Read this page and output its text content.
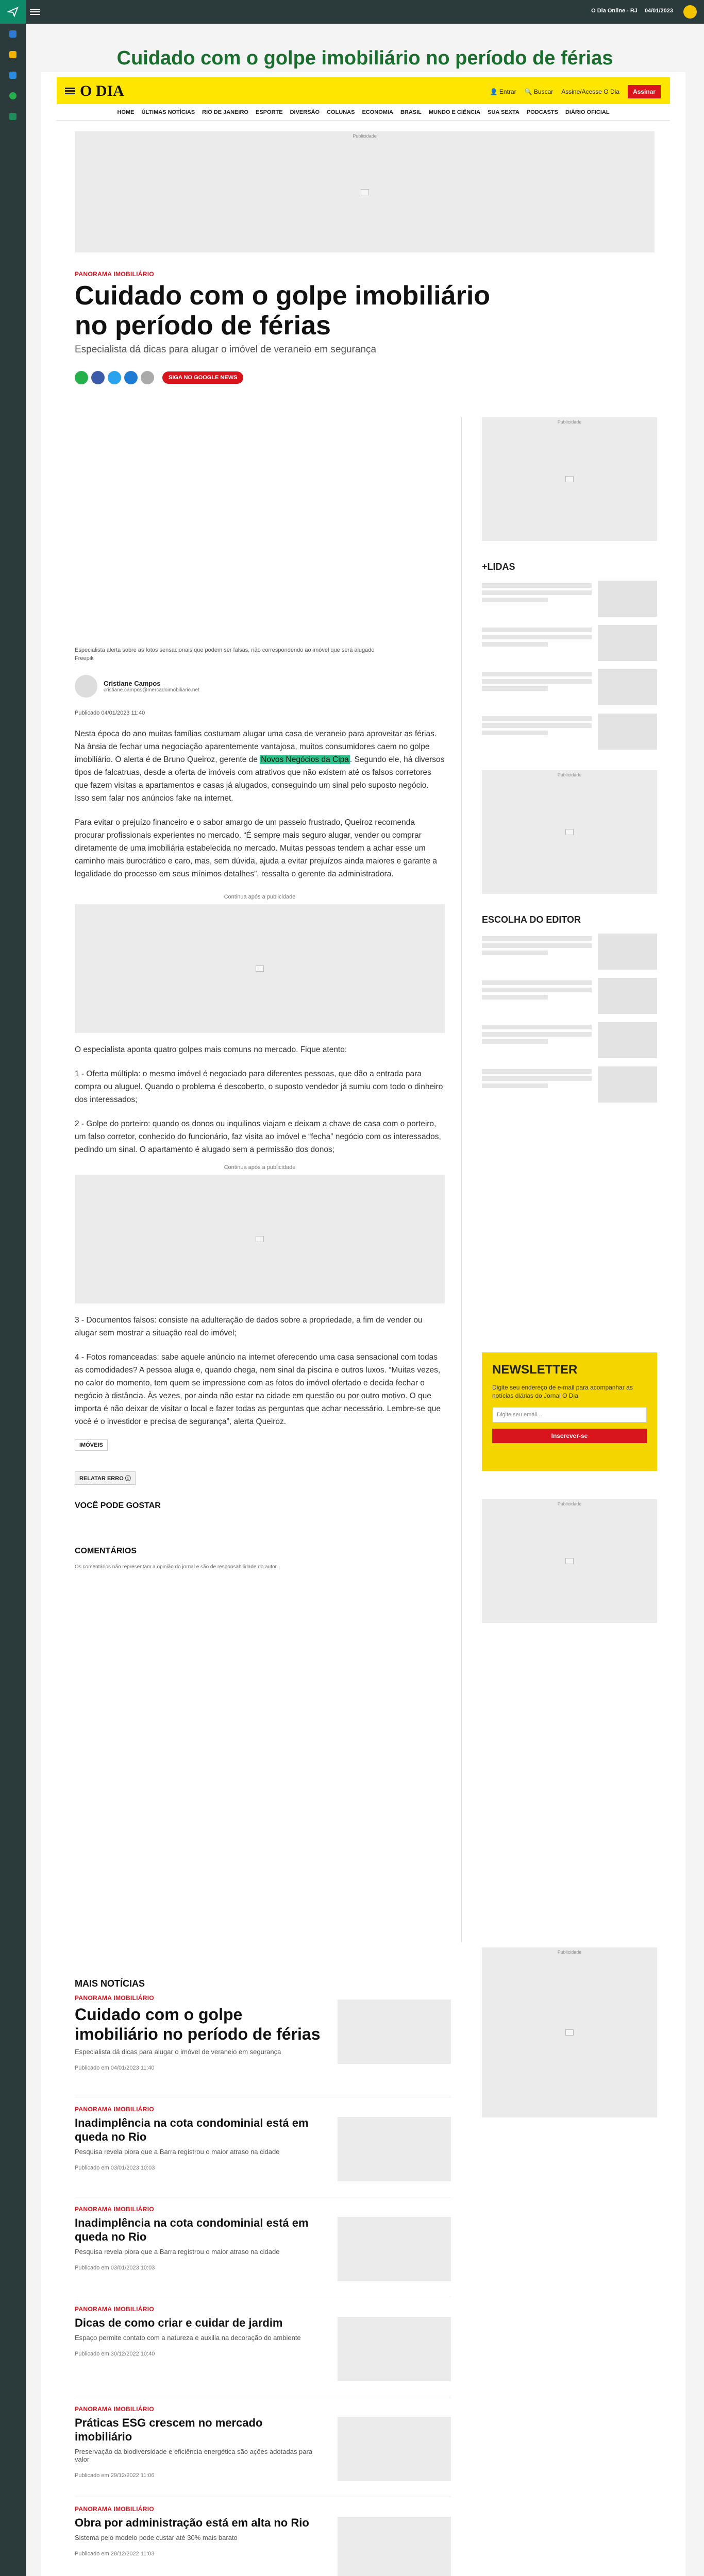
O Dia Online - RJ 04/01/2023
Cuidado com o golpe imobiliário no período de férias
O DIA	👤 Entrar 🔍 Buscar Assine/Acesse O Dia	Assinar
HOME ÚLTIMAS NOTÍCIAS RIO DE JANEIRO ESPORTE DIVERSÃO COLUNAS ECONOMIA BRASIL MUNDO E CIÊNCIA SUA SEXTA PODCASTS DIÁRIO OFICIAL
Publicidade
PANORAMA IMOBILIÁRIO
Cuidado com o golpe imobiliário no período de férias
Especialista dá dicas para alugar o imóvel de veraneio em segurança
SIGA NO GOOGLE NEWS
Especialista alerta sobre as fotos sensacionais que podem ser falsas, não correspondendo ao imóvel que será alugado
Freepik
Cristiane Campos
cristiane.campos@mercadoimobiliario.net
Publicado 04/01/2023 11:40

Nesta época do ano muitas famílias costumam alugar uma casa de veraneio para aproveitar as férias. Na ânsia de fechar uma negociação aparentemente vantajosa, muitos consumidores caem no golpe imobiliário. O alerta é de Bruno Queiroz, gerente de Novos Negócios da Cipa . Segundo ele, há diversos tipos de falcatruas, desde a oferta de imóveis com atrativos que não existem até os falsos corretores que fazem visitas a apartamentos e casas já alugados, conseguindo um sinal pelo suposto negócio. Isso sem falar nos anúncios fake na internet.

Para evitar o prejuízo financeiro e o sabor amargo de um passeio frustrado, Queiroz recomenda procurar profissionais experientes no mercado. “É sempre mais seguro alugar, vender ou comprar diretamente de uma imobiliária estabelecida no mercado. Muitas pessoas tendem a achar esse um caminho mais burocrático e caro, mas, sem dúvida, ajuda a evitar prejuízos ainda maiores e garante a legalidade do processo em seus mínimos detalhes”, ressalta o gerente da administradora.

Continua após a publicidade

O especialista aponta quatro golpes mais comuns no mercado. Fique atento:

1 - Oferta múltipla: o mesmo imóvel é negociado para diferentes pessoas, que dão a entrada para compra ou aluguel. Quando o problema é descoberto, o suposto vendedor já sumiu com todo o dinheiro dos interessados;

2 - Golpe do porteiro: quando os donos ou inquilinos viajam e deixam a chave de casa com o porteiro, um falso corretor, conhecido do funcionário, faz visita ao imóvel e “fecha” negócio com os interessados, pedindo um sinal. O apartamento é alugado sem a permissão dos donos;

Continua após a publicidade

3 - Documentos falsos: consiste na adulteração de dados sobre a propriedade, a fim de vender ou alugar sem mostrar a situação real do imóvel;

4 - Fotos romanceadas: sabe aquele anúncio na internet oferecendo uma casa sensacional com todas as comodidades? A pessoa aluga e, quando chega, nem sinal da piscina e outros luxos. “Muitas vezes, no calor do momento, tem quem se impressione com as fotos do imóvel ofertado e decida fechar o negócio à distância. Às vezes, por ainda não estar na cidade em questão ou por outro motivo. O que importa é não deixar de visitar o local e fazer todas as perguntas que achar necessário. Lembre-se que você é o investidor e precisa de segurança”, alerta Queiroz.

IMÓVEIS
RELATAR ERRO ⓘ
VOCÊ PODE GOSTAR
COMENTÁRIOS
Os comentários não representam a opinião do jornal e são de responsabilidade do autor.
Publicidade
+LIDAS
Publicidade
ESCOLHA DO EDITOR
NEWSLETTER

Digite seu endereço de e-mail para acompanhar as notícias diárias do Jornal O Dia.

Digite seu email...
Inscrever-se
Publicidade
Publicidade
MAIS NOTÍCIAS
PANORAMA IMOBILIÁRIO
Cuidado com o golpe imobiliário no período de férias
Especialista dá dicas para alugar o imóvel de veraneio em segurança
Publicado em 04/01/2023 11:40
PANORAMA IMOBILIÁRIO
Inadimplência na cota condominial está em queda no Rio
Pesquisa revela piora que a Barra registrou o maior atraso na cidade
Publicado em 03/01/2023 10:03
PANORAMA IMOBILIÁRIO
Inadimplência na cota condominial está em queda no Rio
Pesquisa revela piora que a Barra registrou o maior atraso na cidade
Publicado em 03/01/2023 10:03
PANORAMA IMOBILIÁRIO
Dicas de como criar e cuidar de jardim
Espaço permite contato com a natureza e auxilia na decoração do ambiente
Publicado em 30/12/2022 10:40
PANORAMA IMOBILIÁRIO
Práticas ESG crescem no mercado imobiliário
Preservação da biodiversidade e eficiência energética são ações adotadas para valor
Publicado em 29/12/2022 11:06
PANORAMA IMOBILIÁRIO
Obra por administração está em alta no Rio
Sistema pelo modelo pode custar até 30% mais barato
Publicado em 28/12/2022 11:03
